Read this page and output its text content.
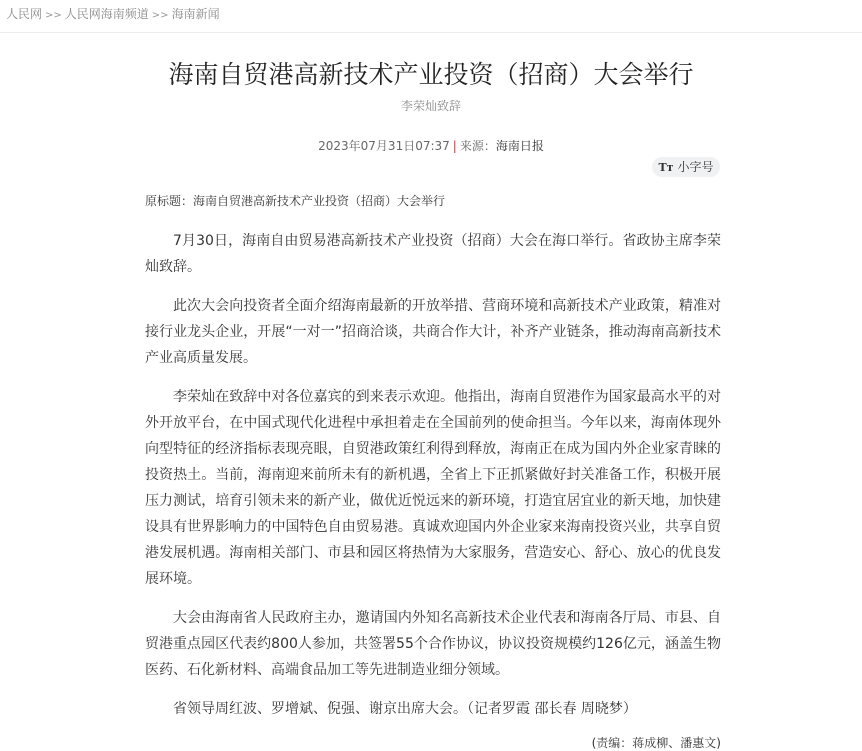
人民网 >> 人民网海南频道 >> 海南新闻
海南自贸港高新技术产业投资（招商）大会举行
李荣灿致辞
2023年07月31日07:37 | 来源：海南日报
Tт 小字号
原标题：海南自贸港高新技术产业投资（招商）大会举行

7月30日，海南自由贸易港高新技术产业投资（招商）大会在海口举行。省政协主席李荣灿致辞。

此次大会向投资者全面介绍海南最新的开放举措、营商环境和高新技术产业政策，精准对接行业龙头企业，开展“一对一”招商洽谈，共商合作大计，补齐产业链条，推动海南高新技术产业高质量发展。

李荣灿在致辞中对各位嘉宾的到来表示欢迎。他指出，海南自贸港作为国家最高水平的对外开放平台，在中国式现代化进程中承担着走在全国前列的使命担当。今年以来，海南体现外向型特征的经济指标表现亮眼，自贸港政策红利得到释放，海南正在成为国内外企业家青睐的投资热土。当前，海南迎来前所未有的新机遇，全省上下正抓紧做好封关准备工作，积极开展压力测试，培育引领未来的新产业，做优近悦远来的新环境，打造宜居宜业的新天地，加快建设具有世界影响力的中国特色自由贸易港。真诚欢迎国内外企业家来海南投资兴业，共享自贸港发展机遇。海南相关部门、市县和园区将热情为大家服务，营造安心、舒心、放心的优良发展环境。

大会由海南省人民政府主办，邀请国内外知名高新技术企业代表和海南各厅局、市县、自贸港重点园区代表约800人参加，共签署55个合作协议，协议投资规模约126亿元，涵盖生物医药、石化新材料、高端食品加工等先进制造业细分领域。

省领导周红波、罗增斌、倪强、谢京出席大会。（记者罗霞 邵长春 周晓梦）

(责编：蒋成柳、潘惠文)
